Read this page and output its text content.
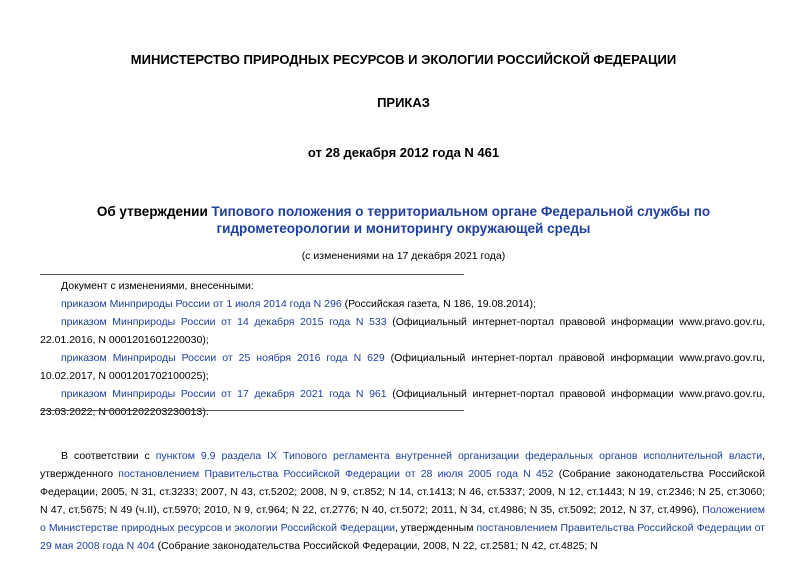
МИНИСТЕРСТВО ПРИРОДНЫХ РЕСУРСОВ И ЭКОЛОГИИ РОССИЙСКОЙ ФЕДЕРАЦИИ
ПРИКАЗ
от 28 декабря 2012 года N 461
Об утверждении Типового положения о территориальном органе Федеральной службы по
гидрометеорологии и мониторингу окружающей среды
(с изменениями на 17 декабря 2021 года)

Документ с изменениями, внесенными:

приказом Минприроды России от 1 июля 2014 года N 296 (Российская газета, N 186, 19.08.2014);

приказом Минприроды России от 14 декабря 2015 года N 533 (Официальный интернет-портал правовой информации www.pravo.gov.ru, 22.01.2016, N 0001201601220030);

приказом Минприроды России от 25 ноября 2016 года N 629 (Официальный интернет-портал правовой информации www.pravo.gov.ru, 10.02.2017, N 0001201702100025);

приказом Минприроды России от 17 декабря 2021 года N 961 (Официальный интернет-портал правовой информации www.pravo.gov.ru, 23.03.2022, N 0001202203230013).

В соответствии с пунктом 9.9 раздела IX Типового регламента внутренней организации федеральных органов исполнительной власти, утвержденного постановлением Правительства Российской Федерации от 28 июля 2005 года N 452 (Собрание законодательства Российской Федерации, 2005, N 31, ст.3233; 2007, N 43, ст.5202; 2008, N 9, ст.852; N 14, ст.1413; N 46, ст.5337; 2009, N 12, ст.1443; N 19, ст.2346; N 25, ст.3060; N 47, ст.5675; N 49 (ч.II), ст.5970; 2010, N 9, ст.964; N 22, ст.2776; N 40, ст.5072; 2011, N 34, ст.4986; N 35, ст.5092; 2012, N 37, ст.4996), Положением о Министерстве природных ресурсов и экологии Российской Федерации, утвержденным постановлением Правительства Российской Федерации от 29 мая 2008 года N 404 (Собрание законодательства Российской Федерации, 2008, N 22, ст.2581; N 42, ст.4825; N
